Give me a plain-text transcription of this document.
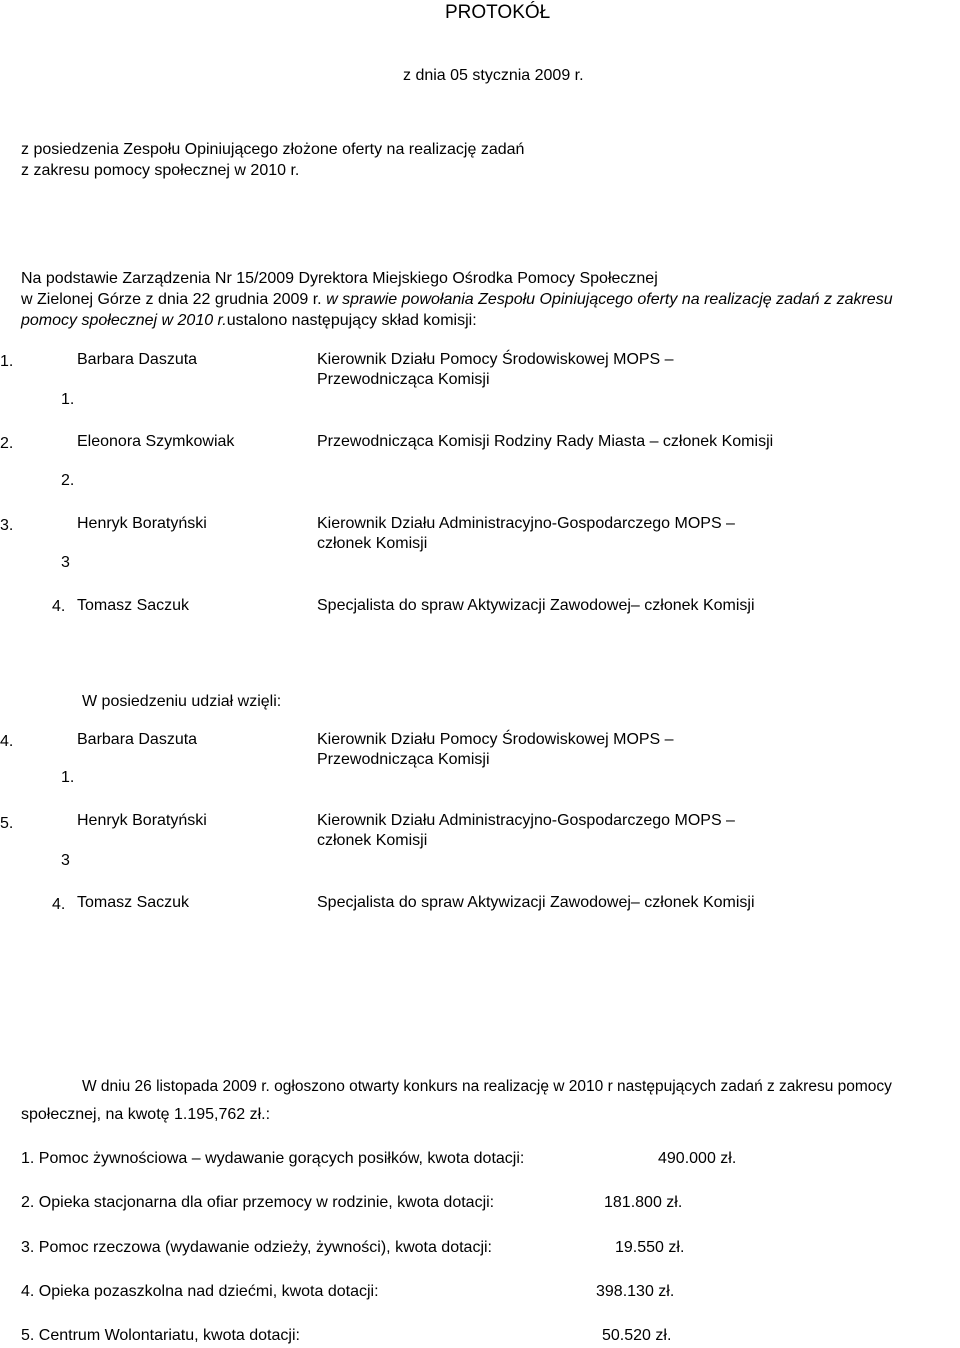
PROTOKÓŁ
z dnia 05 stycznia 2009 r.
z posiedzenia Zespołu Opiniującego złożone oferty na realizację zadań
z zakresu pomocy społecznej w 2010 r.
Na podstawie Zarządzenia Nr 15/2009 Dyrektora Miejskiego Ośrodka Pomocy Społecznej
w Zielonej Górze z dnia 22 grudnia 2009 r. w sprawie powołania Zespołu Opiniującego oferty na realizację zadań z zakresu
pomocy społecznej w 2010 r.ustalono następujący skład komisji:
1.	Barbara Daszuta	Kierownik Działu Pomocy Środowiskowej MOPS – Przewodnicząca Komisji
1.
2.	Eleonora Szymkowiak	Przewodnicząca Komisji Rodziny Rady Miasta – członek Komisji
2.
3.	Henryk Boratyński	Kierownik Działu Administracyjno-Gospodarczego MOPS – członek Komisji
3
4. Tomasz Saczuk	Specjalista do spraw Aktywizacji Zawodowej– członek Komisji
W posiedzeniu udział wzięli:
4.	Barbara Daszuta	Kierownik Działu Pomocy Środowiskowej MOPS – Przewodnicząca Komisji
1.
5.	Henryk Boratyński	Kierownik Działu Administracyjno-Gospodarczego MOPS – członek Komisji
3
4. Tomasz Saczuk	Specjalista do spraw Aktywizacji Zawodowej– członek Komisji
W dniu 26 listopada 2009 r. ogłoszono otwarty konkurs na realizację w 2010 r następujących zadań z zakresu pomocy
społecznej, na kwotę 1.195,762 zł.:
1. Pomoc żywnościowa – wydawanie gorących posiłków, kwota dotacji:	490.000 zł.
2. Opieka stacjonarna dla ofiar przemocy w rodzinie, kwota dotacji:	181.800 zł.
3. Pomoc rzeczowa (wydawanie odzieży, żywności), kwota dotacji:	19.550 zł.
4. Opieka pozaszkolna nad dziećmi, kwota dotacji:	398.130 zł.
5. Centrum Wolontariatu, kwota dotacji:	50.520 zł.
